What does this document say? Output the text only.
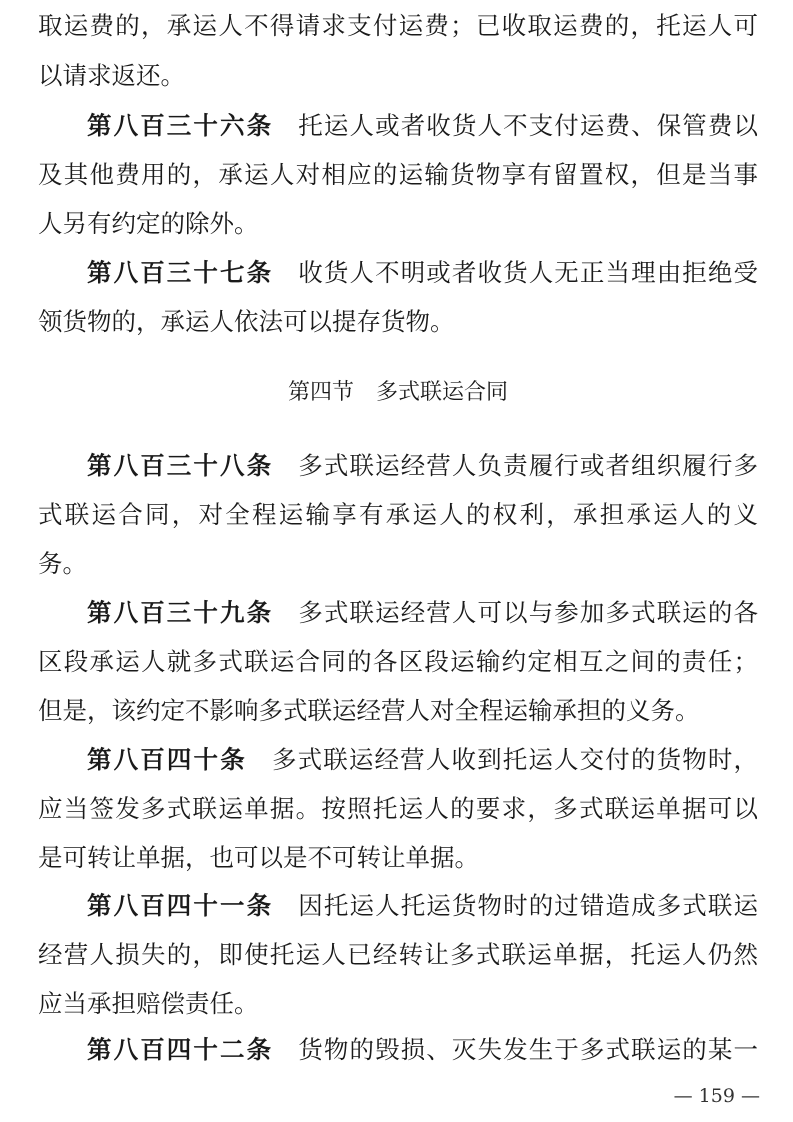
取运费的，承运人不得请求支付运费；已收取运费的，托运人可
以请求返还。
第八百三十六条 托运人或者收货人不支付运费、保管费以
及其他费用的，承运人对相应的运输货物享有留置权，但是当事
人另有约定的除外。
第八百三十七条 收货人不明或者收货人无正当理由拒绝受
领货物的，承运人依法可以提存货物。
第四节　多式联运合同
第八百三十八条 多式联运经营人负责履行或者组织履行多
式联运合同，对全程运输享有承运人的权利，承担承运人的义
务。
第八百三十九条 多式联运经营人可以与参加多式联运的各
区段承运人就多式联运合同的各区段运输约定相互之间的责任；
但是，该约定不影响多式联运经营人对全程运输承担的义务。
第八百四十条 多式联运经营人收到托运人交付的货物时，
应当签发多式联运单据。按照托运人的要求，多式联运单据可以
是可转让单据，也可以是不可转让单据。
第八百四十一条 因托运人托运货物时的过错造成多式联运
经营人损失的，即使托运人已经转让多式联运单据，托运人仍然
应当承担赔偿责任。
第八百四十二条 货物的毁损、灭失发生于多式联运的某一
— 159 —
